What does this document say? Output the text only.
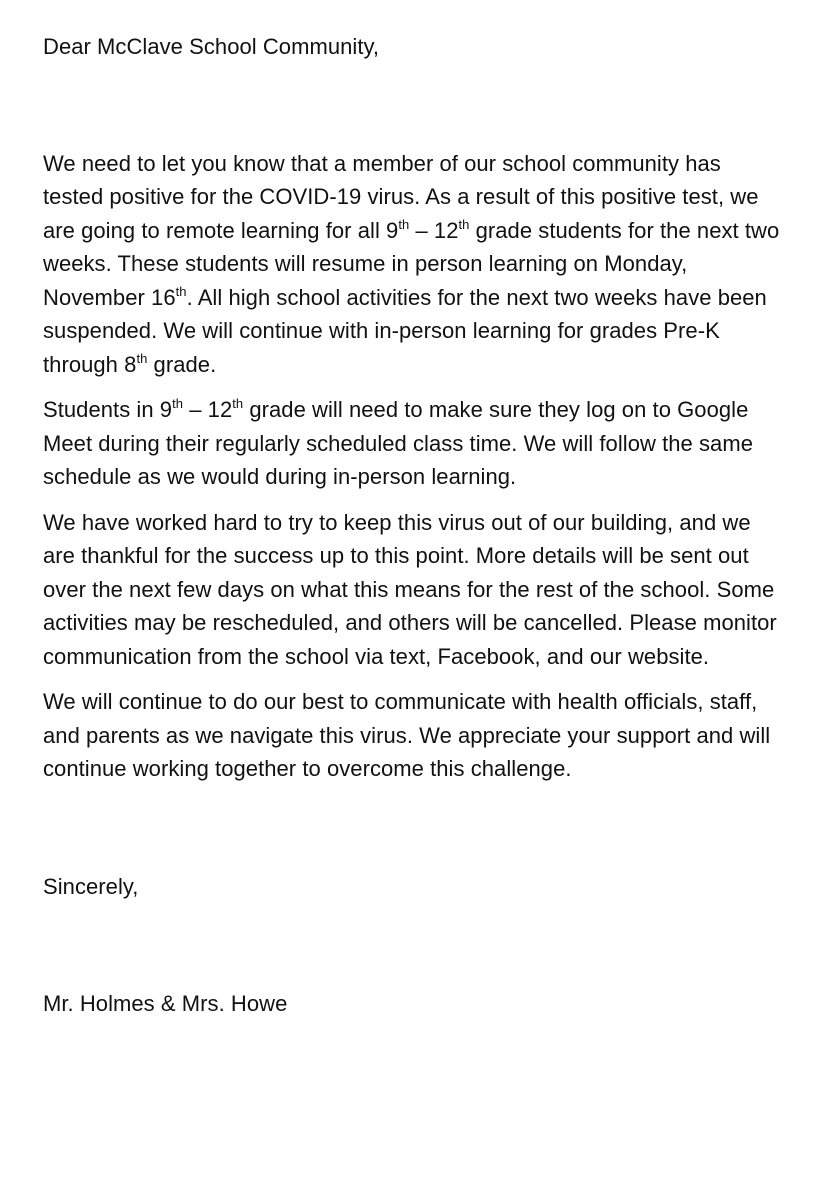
Dear McClave School Community,

We need to let you know that a member of our school community has tested positive for the COVID-19 virus. As a result of this positive test, we are going to remote learning for all 9th – 12th grade students for the next two weeks. These students will resume in person learning on Monday, November 16th. All high school activities for the next two weeks have been suspended. We will continue with in-person learning for grades Pre-K through 8th grade.

Students in 9th – 12th grade will need to make sure they log on to Google Meet during their regularly scheduled class time. We will follow the same schedule as we would during in-person learning.

We have worked hard to try to keep this virus out of our building, and we are thankful for the success up to this point. More details will be sent out over the next few days on what this means for the rest of the school. Some activities may be rescheduled, and others will be cancelled. Please monitor communication from the school via text, Facebook, and our website.

We will continue to do our best to communicate with health officials, staff, and parents as we navigate this virus. We appreciate your support and will continue working together to overcome this challenge.

Sincerely,

Mr. Holmes & Mrs. Howe
